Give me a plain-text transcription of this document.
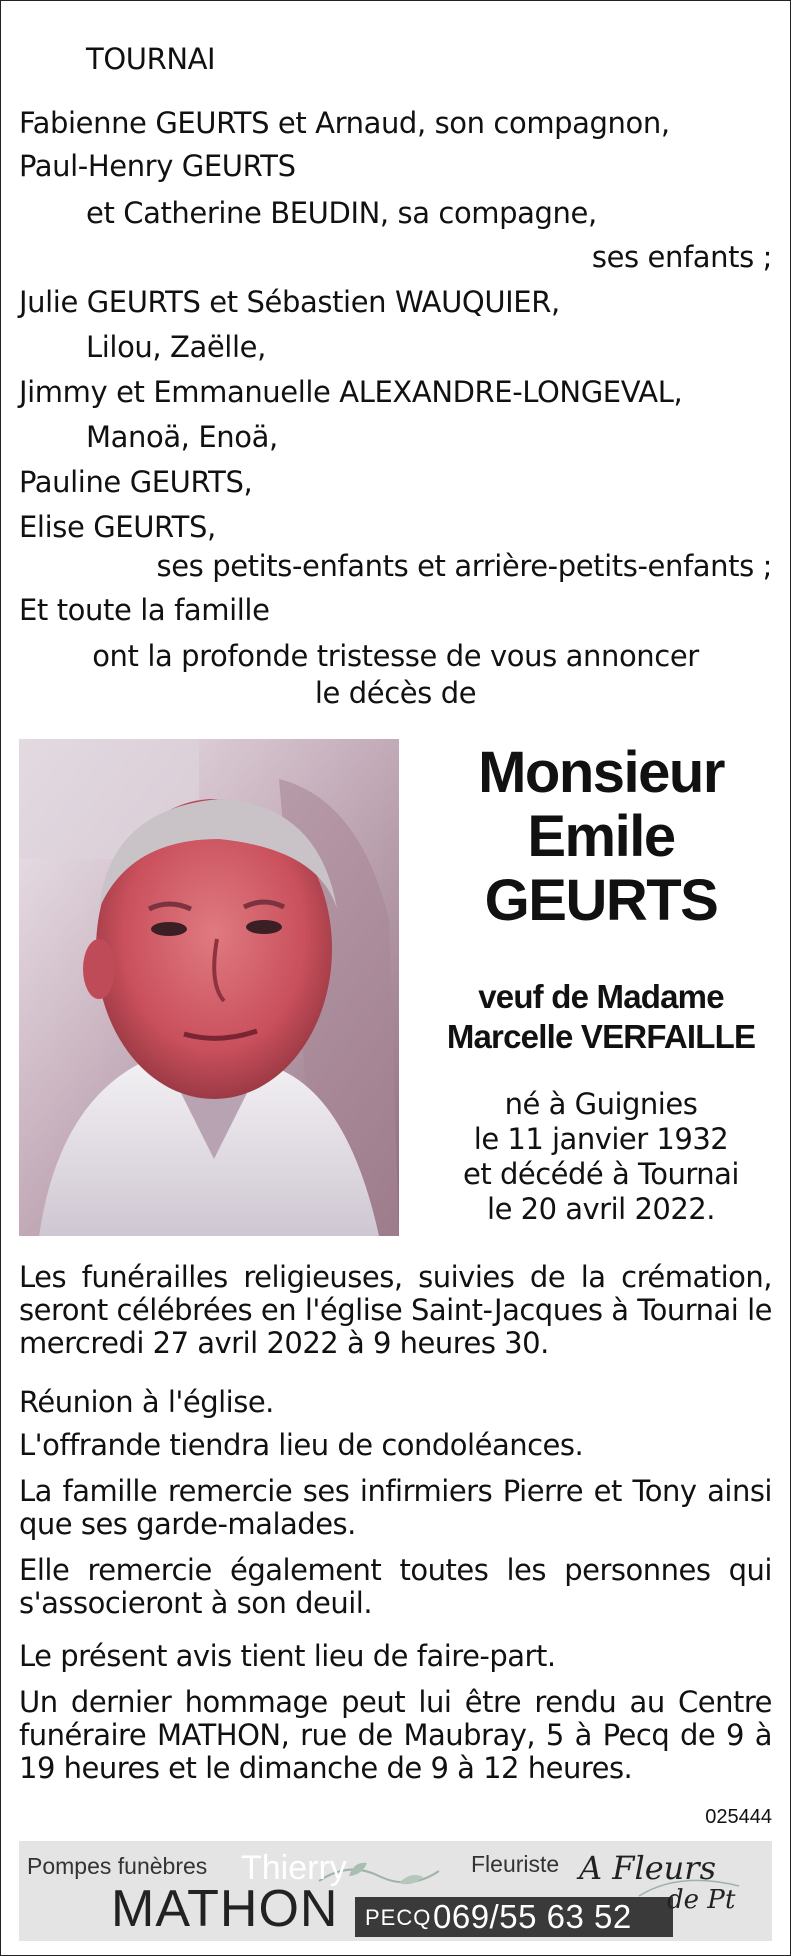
TOURNAI
Fabienne GEURTS et Arnaud, son compagnon,
Paul-Henry GEURTS
et Catherine BEUDIN, sa compagne,
ses enfants ;
Julie GEURTS et Sébastien WAUQUIER,
Lilou, Zaëlle,
Jimmy et Emmanuelle ALEXANDRE-LONGEVAL,
Manoä, Enoä,
Pauline GEURTS,
Elise GEURTS,
ses petits-enfants et arrière-petits-enfants ;
Et toute la famille
ont la profonde tristesse de vous annoncer
le décès de
Monsieur
Emile
GEURTS
veuf de Madame
Marcelle VERFAILLE
né à Guignies
le 11 janvier 1932
et décédé à Tournai
le 20 avril 2022.
Les funérailles religieuses, suivies de la crémation, seront célébrées en l'église Saint-Jacques à Tournai le mercredi 27 avril 2022 à 9 heures 30.
Réunion à l'église.
L'offrande tiendra lieu de condoléances.
La famille remercie ses infirmiers Pierre et Tony ainsi que ses garde-malades.
Elle remercie également toutes les personnes qui s'associeront à son deuil.
Le présent avis tient lieu de faire-part.
Un dernier hommage peut lui être rendu au Centre funéraire MATHON, rue de Maubray, 5 à Pecq de 9 à 19 heures et le dimanche de 9 à 12 heures.
025444
Pompes funèbres Thierry
MATHON PECQ 069/55 63 52
Fleuriste A Fleurs
de P t
